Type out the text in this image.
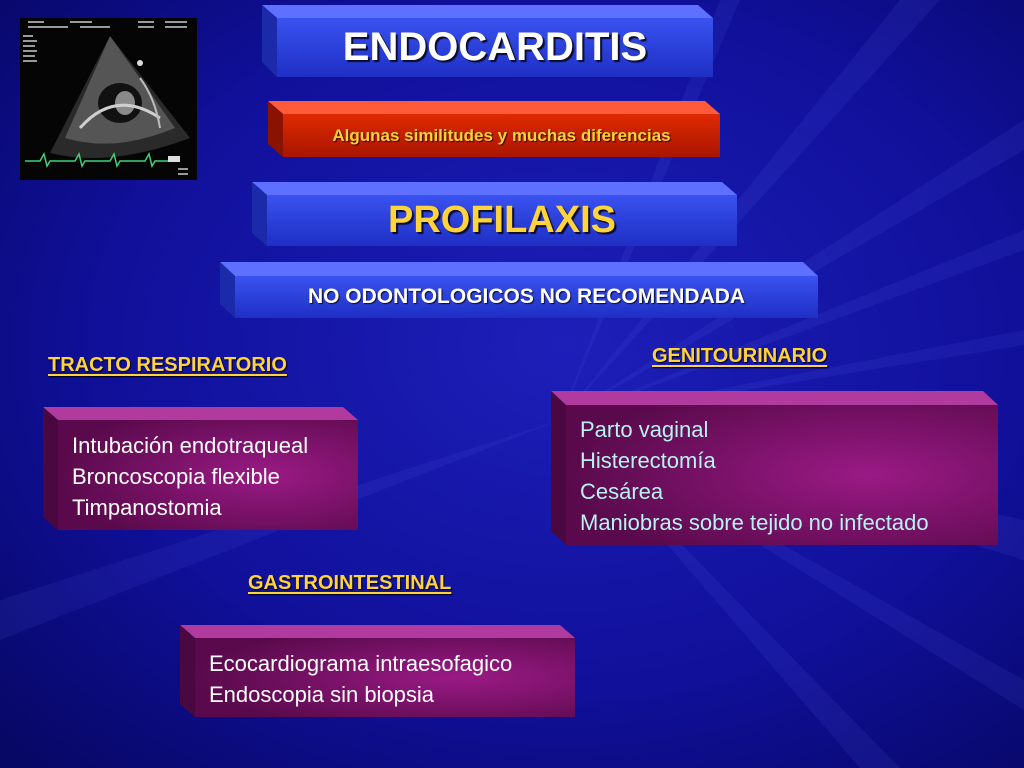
ENDOCARDITIS
Algunas similitudes y muchas diferencias
PROFILAXIS
NO ODONTOLOGICOS NO RECOMENDADA
TRACTO RESPIRATORIO	GENITOURINARIO
GASTROINTESTINAL
Intubación endotraqueal
Broncoscopia flexible
Timpanostomia
Parto vaginal
Histerectomía
Cesárea
Maniobras sobre tejido no infectado
Ecocardiograma intraesofagico
Endoscopia sin biopsia
